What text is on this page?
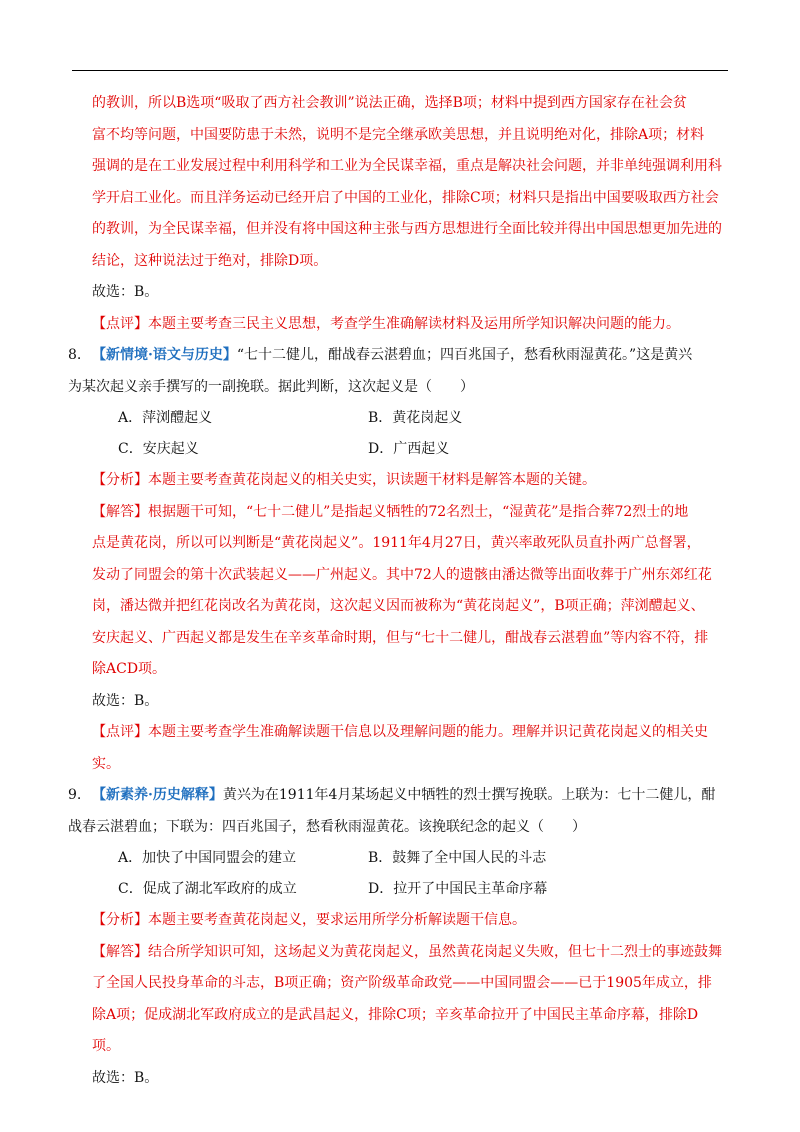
的教训，所以B选项“吸取了西方社会教训”说法正确，选择B项；材料中提到西方国家存在社会贫

富不均等问题，中国要防患于未然，说明不是完全继承欧美思想，并且说明绝对化，排除A项；材料

强调的是在工业发展过程中利用科学和工业为全民谋幸福，重点是解决社会问题，并非单纯强调利用科

学开启工业化。而且洋务运动已经开启了中国的工业化，排除C项；材料只是指出中国要吸取西方社会

的教训，为全民谋幸福，但并没有将中国这种主张与西方思想进行全面比较并得出中国思想更加先进的

结论，这种说法过于绝对，排除D项。

故选：B。

【点评】本题主要考查三民主义思想，考查学生准确解读材料及运用所学知识解决问题的能力。

8. 【新情境·语文与历史】“七十二健儿，酣战春云湛碧血；四百兆国子，愁看秋雨湿黄花。”这是黄兴

为某次起义亲手撰写的一副挽联。据此判断，这次起义是（　　）

A．萍浏醴起义	B．黄花岗起义
C．安庆起义	D．广西起义

【分析】本题主要考查黄花岗起义的相关史实，识读题干材料是解答本题的关键。

【解答】根据题干可知，“七十二健儿”是指起义牺牲的72名烈士，“湿黄花”是指合葬72烈士的地

点是黄花岗，所以可以判断是“黄花岗起义”。1911年4月27日，黄兴率敢死队员直扑两广总督署，

发动了同盟会的第十次武装起义——广州起义。其中72人的遗骸由潘达微等出面收葬于广州东郊红花

岗，潘达微并把红花岗改名为黄花岗，这次起义因而被称为“黄花岗起义”，B项正确；萍浏醴起义、

安庆起义、广西起义都是发生在辛亥革命时期，但与“七十二健儿，酣战春云湛碧血”等内容不符，排

除ACD项。

故选：B。

【点评】本题主要考查学生准确解读题干信息以及理解问题的能力。理解并识记黄花岗起义的相关史实。

9. 【新素养·历史解释】黄兴为在1911年4月某场起义中牺牲的烈士撰写挽联。上联为：七十二健儿，酣

战春云湛碧血；下联为：四百兆国子，愁看秋雨湿黄花。该挽联纪念的起义（　　）

A．加快了中国同盟会的建立	B．鼓舞了全中国人民的斗志
C．促成了湖北军政府的成立	D．拉开了中国民主革命序幕

【分析】本题主要考查黄花岗起义，要求运用所学分析解读题干信息。

【解答】结合所学知识可知，这场起义为黄花岗起义，虽然黄花岗起义失败，但七十二烈士的事迹鼓舞

了全国人民投身革命的斗志，B项正确；资产阶级革命政党——中国同盟会——已于1905年成立，排

除A项；促成湖北军政府成立的是武昌起义，排除C项；辛亥革命拉开了中国民主革命序幕，排除D

项。

故选：B。
